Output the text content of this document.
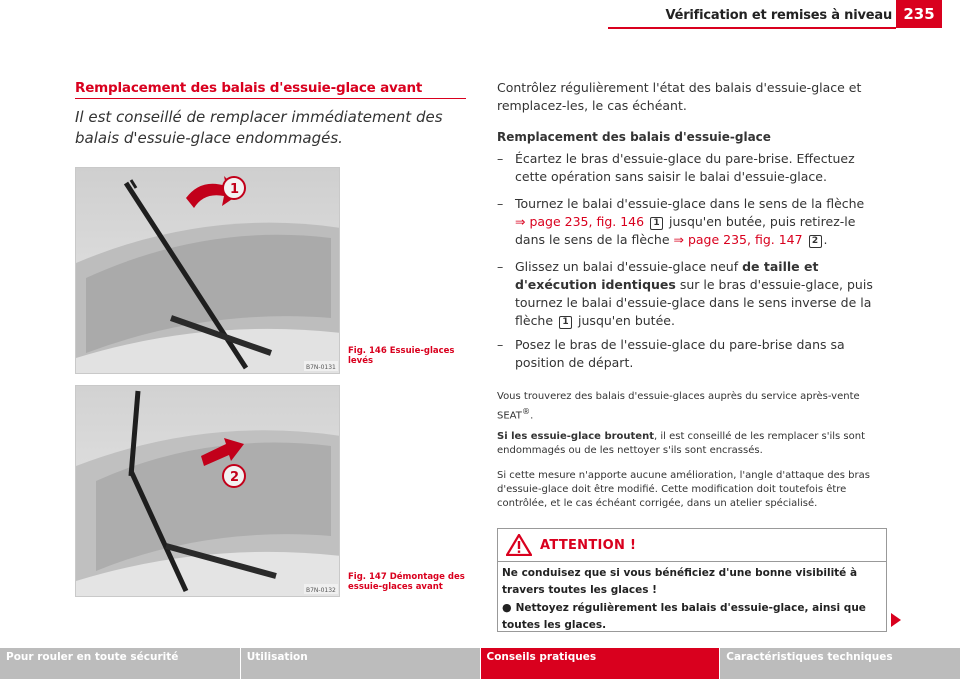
Vérification et remises à niveau 235
Remplacement des balais d'essuie-glace avant
Il est conseillé de remplacer immédiatement des balais d'essuie-glace endommagés.
1
B7N-0131
Fig. 146 Essuie-glaces levés
2
B7N-0132
Fig. 147 Démontage des essuie-glaces avant
Contrôlez régulièrement l'état des balais d'essuie-glace et remplacez-les, le cas échéant.
Remplacement des balais d'essuie-glace
– Écartez le bras d'essuie-glace du pare-brise. Effectuez cette opération sans saisir le balai d'essuie-glace.
– Tournez le balai d'essuie-glace dans le sens de la flèche
⇒ page 235, fig. 146 1 jusqu'en butée, puis retirez-le dans le sens de la flèche ⇒ page 235, fig. 147 2 .
– Glissez un balai d'essuie-glace neuf de taille et d'exécution identiques sur le bras d'essuie-glace, puis tournez le balai d'essuie-glace dans le sens inverse de la flèche 1 jusqu'en butée.
– Posez le bras de l'essuie-glace du pare-brise dans sa position de départ.
Vous trouverez des balais d'essuie-glaces auprès du service après-vente SEAT®.
Si les essuie-glace broutent, il est conseillé de les remplacer s'ils sont endommagés ou de les nettoyer s'ils sont encrassés.
Si cette mesure n'apporte aucune amélioration, l'angle d'attaque des bras d'essuie-glace doit être modifié. Cette modification doit toutefois être contrôlée, et le cas échéant corrigée, dans un atelier spécialisé.
ATTENTION !
Ne conduisez que si vous bénéficiez d'une bonne visibilité à travers toutes les glaces !
● Nettoyez régulièrement les balais d'essuie-glace, ainsi que toutes les glaces.
Pour rouler en toute sécurité	Utilisation	Conseils pratiques	Caractéristiques techniques
